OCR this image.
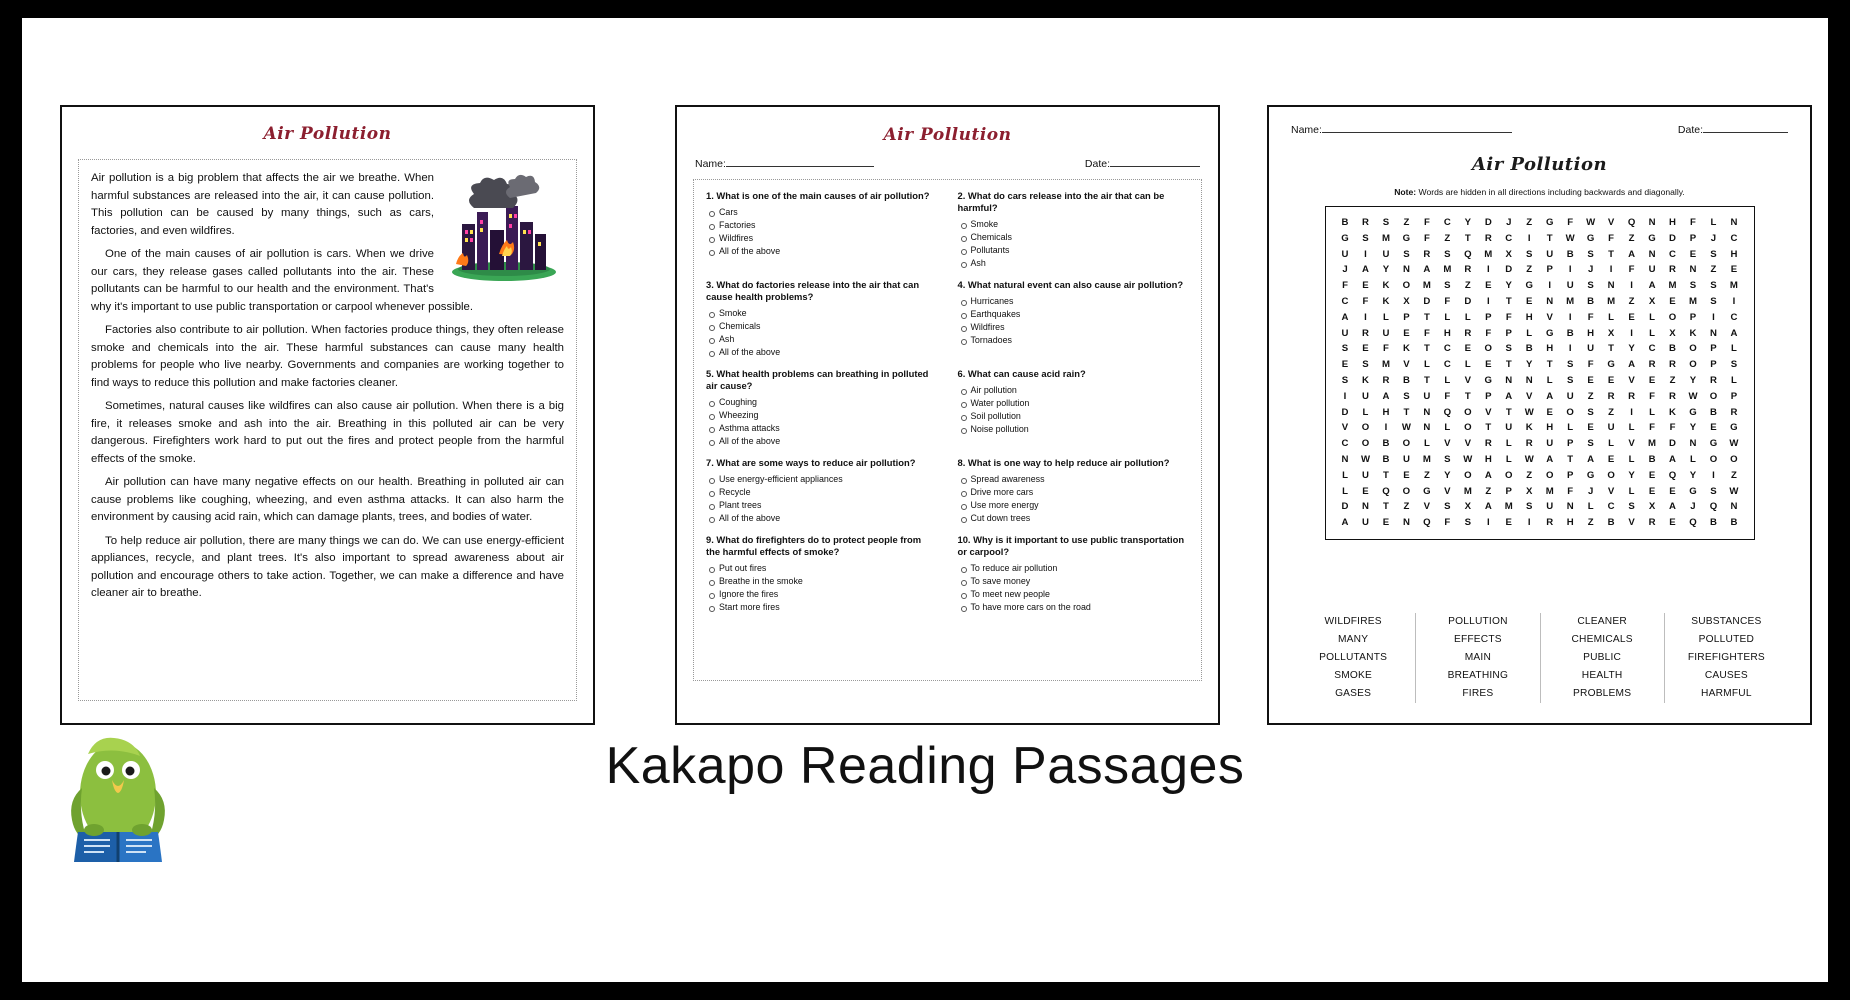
Air Pollution

Air pollution is a big problem that affects the air we breathe. When harmful substances are released into the air, it can cause pollution. This pollution can be caused by many things, such as cars, factories, and even wildfires.

One of the main causes of air pollution is cars. When we drive our cars, they release gases called pollutants into the air. These pollutants can be harmful to our health and the environment. That's why it's important to use public transportation or carpool whenever possible.

Factories also contribute to air pollution. When factories produce things, they often release smoke and chemicals into the air. These harmful substances can cause many health problems for people who live nearby. Governments and companies are working together to find ways to reduce this pollution and make factories cleaner.

Sometimes, natural causes like wildfires can also cause air pollution. When there is a big fire, it releases smoke and ash into the air. Breathing in this polluted air can be very dangerous. Firefighters work hard to put out the fires and protect people from the harmful effects of the smoke.

Air pollution can have many negative effects on our health. Breathing in polluted air can cause problems like coughing, wheezing, and even asthma attacks. It can also harm the environment by causing acid rain, which can damage plants, trees, and bodies of water.

To help reduce air pollution, there are many things we can do. We can use energy-efficient appliances, recycle, and plant trees. It's also important to spread awareness about air pollution and encourage others to take action. Together, we can make a difference and have cleaner air to breathe.

Air Pollution
Name:	Date:
1. What is one of the main causes of air pollution?
Cars
Factories
Wildfires
All of the above
2. What do cars release into the air that can be harmful?
Smoke
Chemicals
Pollutants
Ash
3. What do factories release into the air that can cause health problems?
Smoke
Chemicals
Ash
All of the above
4. What natural event can also cause air pollution?
Hurricanes
Earthquakes
Wildfires
Tornadoes
5. What health problems can breathing in polluted air cause?
Coughing
Wheezing
Asthma attacks
All of the above
6. What can cause acid rain?
Air pollution
Water pollution
Soil pollution
Noise pollution
7. What are some ways to reduce air pollution?
Use energy-efficient appliances
Recycle
Plant trees
All of the above
8. What is one way to help reduce air pollution?
Spread awareness
Drive more cars
Use more energy
Cut down trees
9. What do firefighters do to protect people from the harmful effects of smoke?
Put out fires
Breathe in the smoke
Ignore the fires
Start more fires
10. Why is it important to use public transportation or carpool?
To reduce air pollution
To save money
To meet new people
To have more cars on the road
Name:	Date:
Air Pollution
Note: Words are hidden in all directions including backwards and diagonally.
B	R	S	Z	F	C	Y	D	J	Z	G	F	W	V	Q	N	H	F	L	N
G	S	M	G	F	Z	T	R	C	I	T	W	G	F	Z	G	D	P	J	C
U	I	U	S	R	S	Q	M	X	S	U	B	S	T	A	N	C	E	S	H
J	A	Y	N	A	M	R	I	D	Z	P	I	J	I	F	U	R	N	Z	E
F	E	K	O	M	S	Z	E	Y	G	I	U	S	N	I	A	M	S	S	M
C	F	K	X	D	F	D	I	T	E	N	M	B	M	Z	X	E	M	S	I
A	I	L	P	T	L	L	P	F	H	V	I	F	L	E	L	O	P	I	C
U	R	U	E	F	H	R	F	P	L	G	B	H	X	I	L	X	K	N	A
S	E	F	K	T	C	E	O	S	B	H	I	U	T	Y	C	B	O	P	L
E	S	M	V	L	C	L	E	T	Y	T	S	F	G	A	R	R	O	P	S
S	K	R	B	T	L	V	G	N	N	L	S	E	E	V	E	Z	Y	R	L
I	U	A	S	U	F	T	P	A	V	A	U	Z	R	R	F	R	W	O	P
D	L	H	T	N	Q	O	V	T	W	E	O	S	Z	I	L	K	G	B	R
V	O	I	W	N	L	O	T	U	K	H	L	E	U	L	F	F	Y	E	G
C	O	B	O	L	V	V	R	L	R	U	P	S	L	V	M	D	N	G	W
N	W	B	U	M	S	W	H	L	W	A	T	A	E	L	B	A	L	O	O
L	U	T	E	Z	Y	O	A	O	Z	O	P	G	O	Y	E	Q	Y	I	Z
L	E	Q	O	G	V	M	Z	P	X	M	F	J	V	L	E	E	G	S	W
D	N	T	Z	V	S	X	A	M	S	U	N	L	C	S	X	A	J	Q	N
A	U	E	N	Q	F	S	I	E	I	R	H	Z	B	V	R	E	Q	B	B
WILDFIRES
MANY
POLLUTANTS
SMOKE
GASES
POLLUTION
EFFECTS
MAIN
BREATHING
FIRES
CLEANER
CHEMICALS
PUBLIC
HEALTH
PROBLEMS
SUBSTANCES
POLLUTED
FIREFIGHTERS
CAUSES
HARMFUL
Kakapo Reading Passages
